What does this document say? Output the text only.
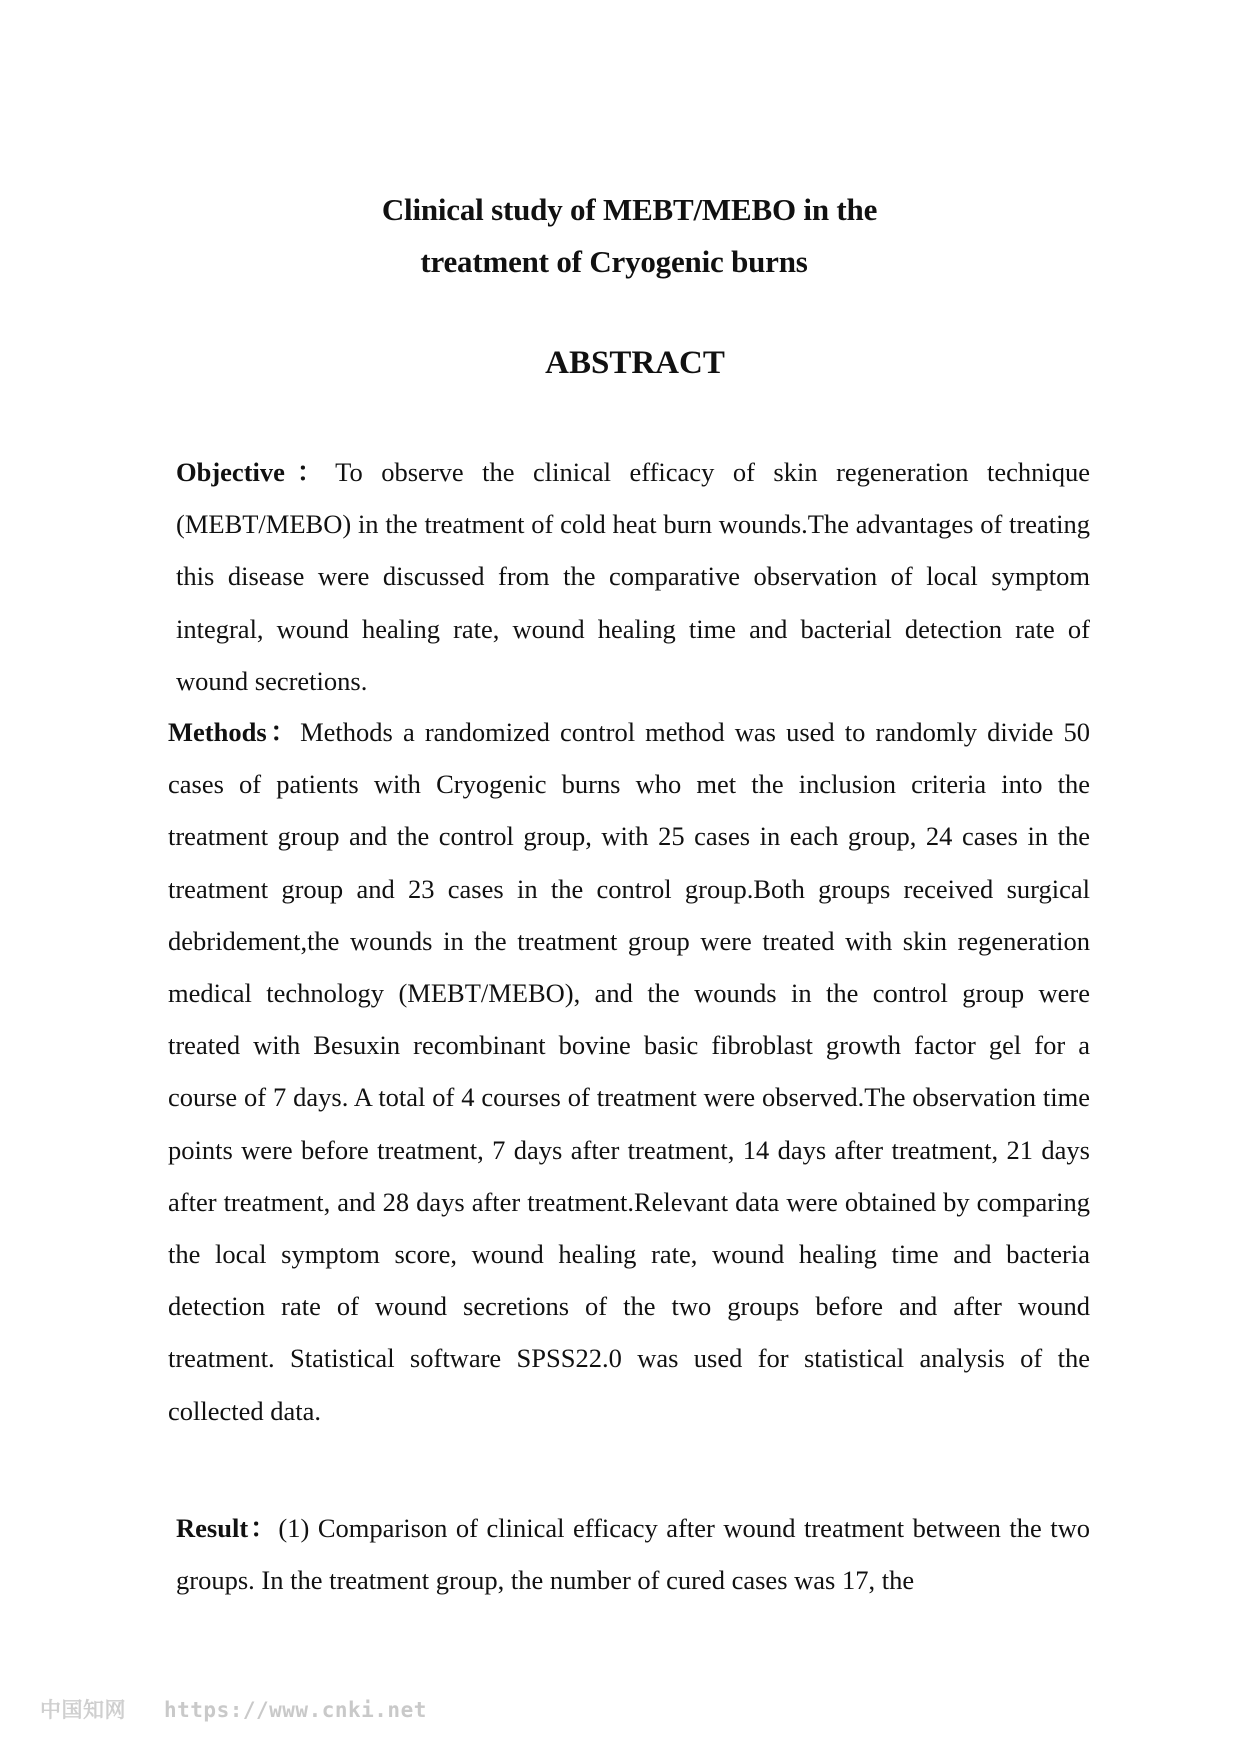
Clinical study of MEBT/MEBO in the
treatment of Cryogenic burns
ABSTRACT
Objective：To observe the clinical efficacy of skin regeneration technique (MEBT/MEBO) in the treatment of cold heat burn wounds.The advantages of treating this disease were discussed from the comparative observation of local symptom integral, wound healing rate, wound healing time and bacterial detection rate of wound secretions.
Methods：Methods a randomized control method was used to randomly divide 50 cases of patients with Cryogenic burns who met the inclusion criteria into the treatment group and the control group, with 25 cases in each group, 24 cases in the treatment group and 23 cases in the control group.Both groups received surgical debridement,the wounds in the treatment group were treated with skin regeneration medical technology (MEBT/MEBO), and the wounds in the control group were treated with Besuxin recombinant bovine basic fibroblast growth factor gel for a course of 7 days. A total of 4 courses of treatment were observed.The observation time points were before treatment, 7 days after treatment, 14 days after treatment, 21 days after treatment, and 28 days after treatment.Relevant data were obtained by comparing the local symptom score, wound healing rate, wound healing time and bacteria detection rate of wound secretions of the two groups before and after wound treatment. Statistical software SPSS22.0 was used for statistical analysis of the collected data.
Result：(1) Comparison of clinical efficacy after wound treatment between the two groups. In the treatment group, the number of cured cases was 17, the
中国知网 https://www.cnki.net
